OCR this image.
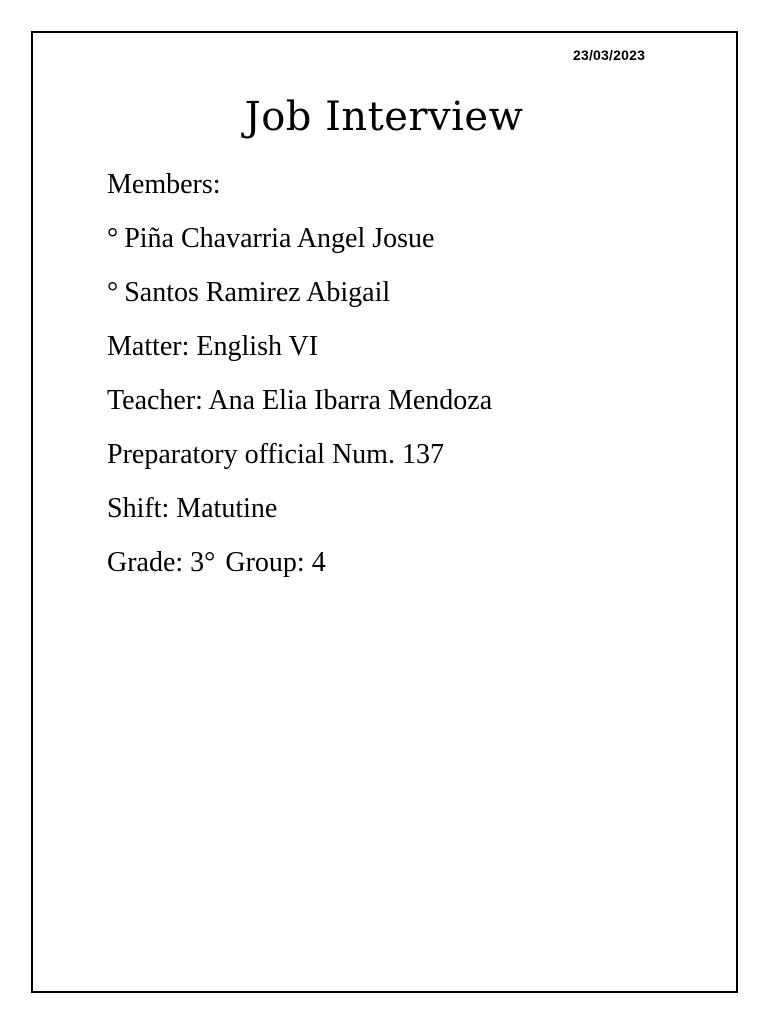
23/03/2023
Job Interview
Members:
° Piña Chavarria Angel Josue
° Santos Ramirez Abigail
Matter: English VI
Teacher: Ana Elia Ibarra Mendoza
Preparatory official Num. 137
Shift: Matutine
Grade: 3° Group: 4
